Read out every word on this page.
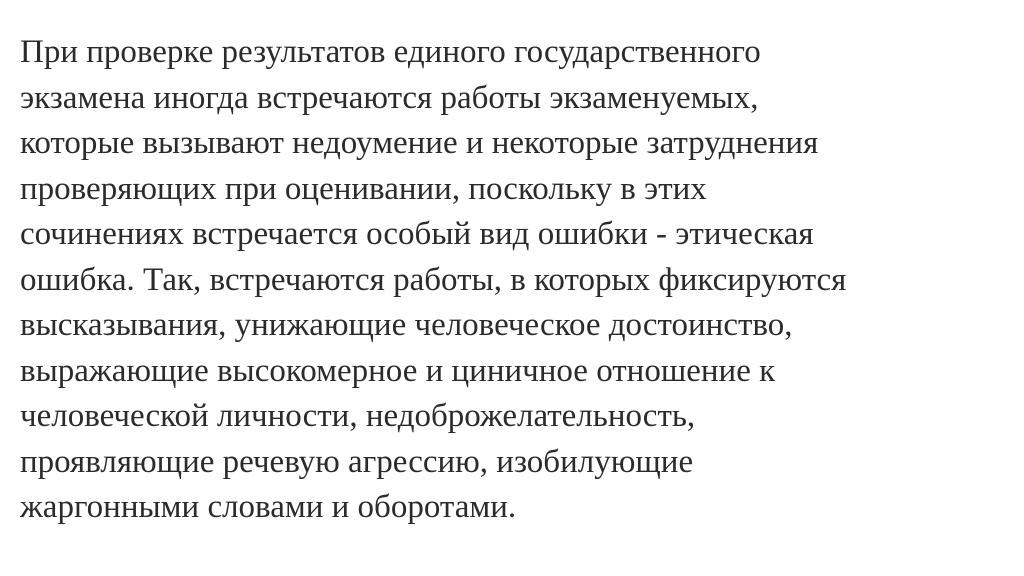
При проверке результатов единого государственного
экзамена иногда встречаются работы экзаменуемых,
которые вызывают недоумение и некоторые затруднения
проверяющих при оценивании, поскольку в этих
сочинениях встречается особый вид ошибки - этическая
ошибка. Так, встречаются работы, в которых фиксируются
высказывания, унижающие человеческое достоинство,
выражающие высокомерное и циничное отношение к
человеческой личности, недоброжелательность,
проявляющие речевую агрессию, изобилующие
жаргонными словами и оборотами.
